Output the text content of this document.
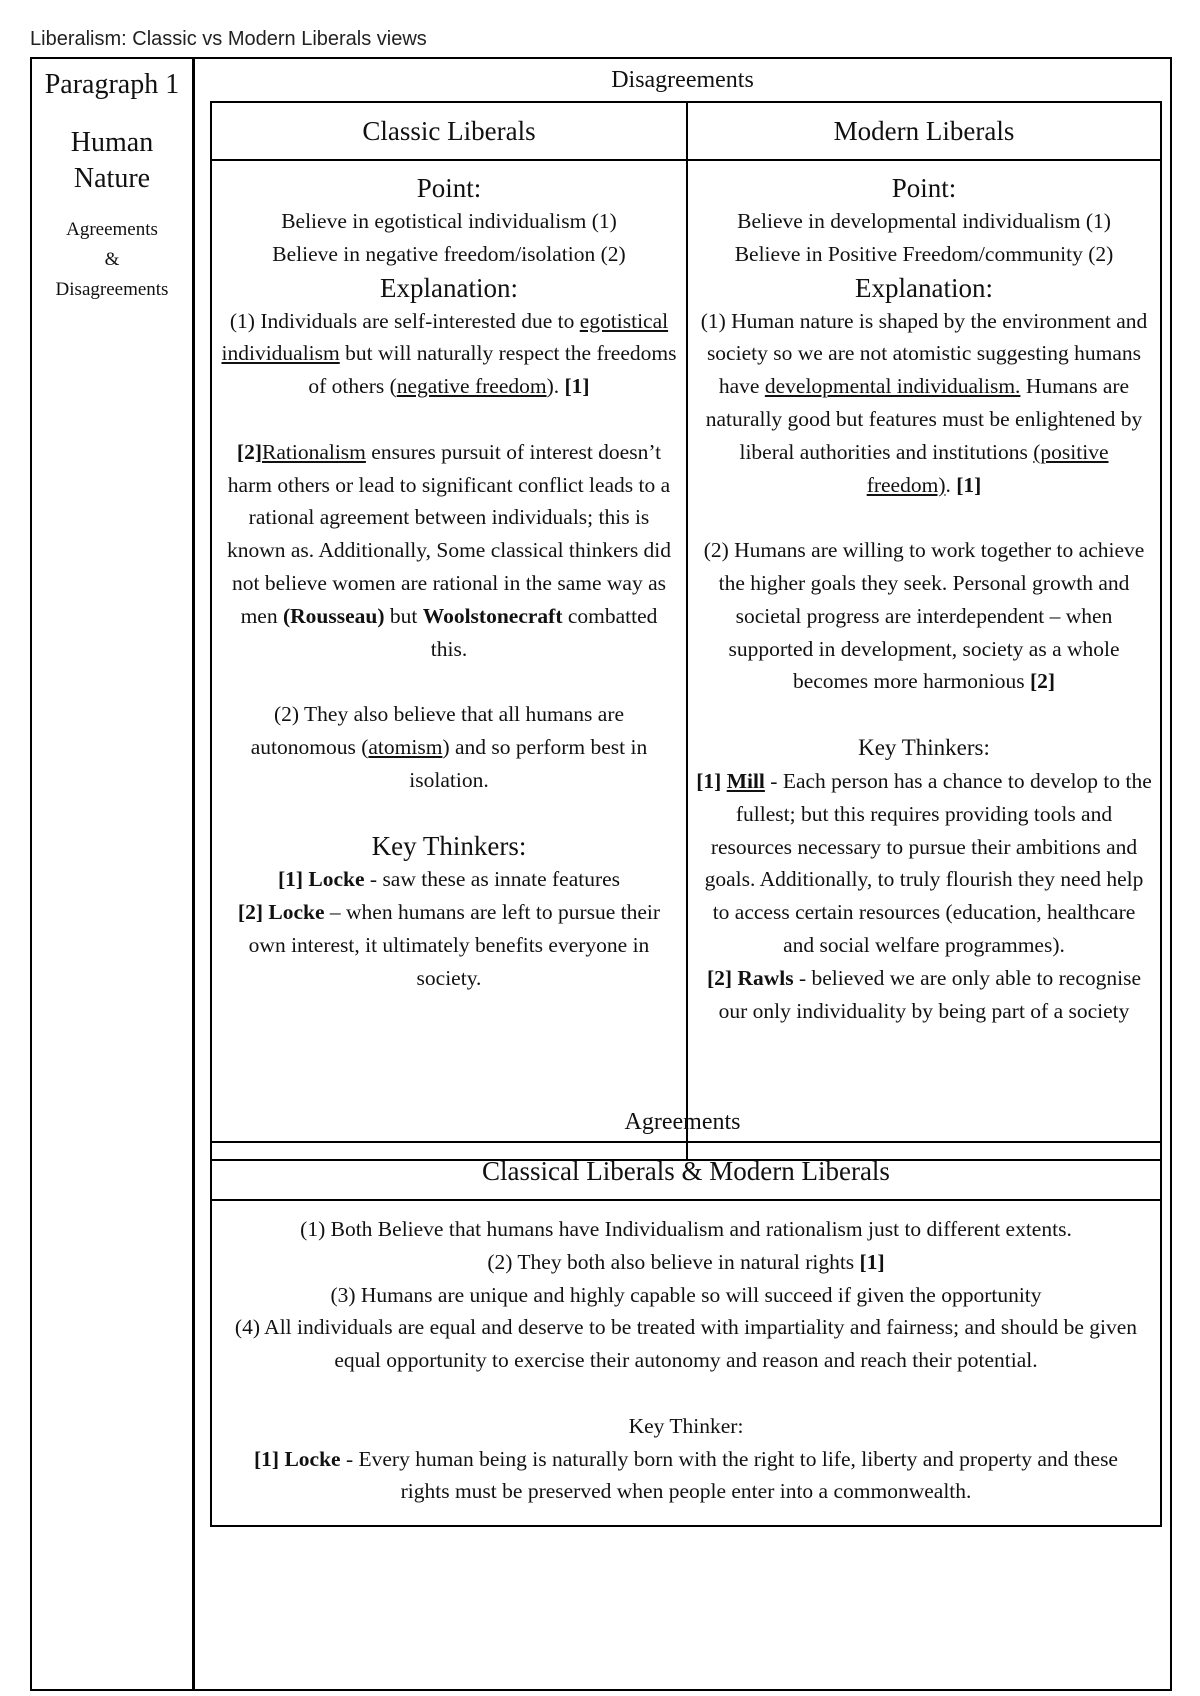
Liberalism: Classic vs Modern Liberals views
Paragraph 1
Human
Nature
Agreements
&
Disagreements
Disagreements
Classic Liberals	Modern Liberals

Point:

Believe in egotistical individualism (1)

Believe in negative freedom/isolation (2)

Explanation:

(1) Individuals are self-interested due to egotistical individualism but will naturally respect the freedoms of others (negative freedom). [1]

[2]Rationalism ensures pursuit of interest doesn’t harm others or lead to significant conflict leads to a rational agreement between individuals; this is known as. Additionally, Some classical thinkers did not believe women are rational in the same way as men (Rousseau) but Woolstonecraft combatted this.

(2) They also believe that all humans are autonomous (atomism) and so perform best in isolation.

Key Thinkers:

[1] Locke - saw these as innate features

[2] Locke – when humans are left to pursue their own interest, it ultimately benefits everyone in society.

Point:

Believe in developmental individualism (1)

Believe in Positive Freedom/community (2)

Explanation:

(1) Human nature is shaped by the environment and society so we are not atomistic suggesting humans have developmental individualism. Humans are naturally good but features must be enlightened by liberal authorities and institutions (positive freedom). [1]

(2) Humans are willing to work together to achieve the higher goals they seek. Personal growth and societal progress are interdependent – when supported in development, society as a whole becomes more harmonious [2]

Key Thinkers:

[1] Mill - Each person has a chance to develop to the fullest; but this requires providing tools and resources necessary to pursue their ambitions and goals. Additionally, to truly flourish they need help to access certain resources (education, healthcare and social welfare programmes).

[2] Rawls - believed we are only able to recognise our only individuality by being part of a society

Agreements
Classical Liberals & Modern Liberals

(1) Both Believe that humans have Individualism and rationalism just to different extents.

(2) They both also believe in natural rights [1]

(3) Humans are unique and highly capable so will succeed if given the opportunity

(4) All individuals are equal and deserve to be treated with impartiality and fairness; and should be given equal opportunity to exercise their autonomy and reason and reach their potential.

Key Thinker:

[1] Locke - Every human being is naturally born with the right to life, liberty and property and these rights must be preserved when people enter into a commonwealth.
